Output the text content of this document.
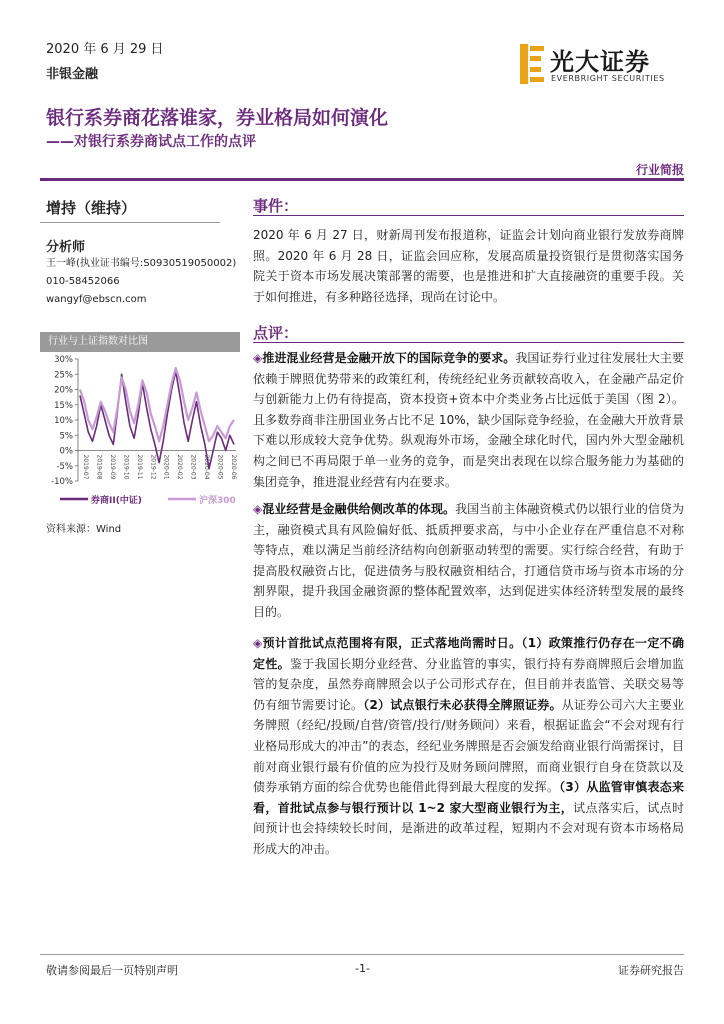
2020 年 6 月 29 日
非银金融	光大证券
EVERBRIGHT SECURITIES
银行系券商花落谁家，券业格局如何演化
——对银行系券商试点工作的点评
行业简报
增持（维持）
分析师
王一峰(执业证书编号:S0930519050002)
010-58452066
wangyf@ebscn.com
行业与上证指数对比图
30%
25%
20%
15%
10%
5%
0%
-5%
-10%
2019-07 2019-08 2019-09 2019-10 2019-11 2019-12 2020-01 2020-02 2020-03 2020-04 2020-05 2020-06
券商II(中证)	沪深300
资料来源：Wind
事件：
2020 年 6 月 27 日，财新周刊发布报道称，证监会计划向商业银行发放券商牌照。2020 年 6 月 28 日，证监会回应称，发展高质量投资银行是贯彻落实国务院关于资本市场发展决策部署的需要，也是推进和扩大直接融资的重要手段。关于如何推进，有多种路径选择，现尚在讨论中。
点评：
◈推进混业经营是金融开放下的国际竞争的要求。我国证券行业过往发展壮大主要依赖于牌照优势带来的政策红利，传统经纪业务贡献较高收入，在金融产品定价与创新能力上仍有待提高，资本投资+资本中介类业务占比远低于美国（图 2）。且多数券商非注册国业务占比不足 10%，缺少国际竞争经验，在金融大开放背景下难以形成较大竞争优势。纵观海外市场，金融全球化时代，国内外大型金融机构之间已不再局限于单一业务的竞争，而是突出表现在以综合服务能力为基础的集团竞争，推进混业经营有内在要求。
◈混业经营是金融供给侧改革的体现。我国当前主体融资模式仍以银行业的信贷为主，融资模式具有风险偏好低、抵质押要求高，与中小企业存在严重信息不对称等特点，难以满足当前经济结构向创新驱动转型的需要。实行综合经营，有助于提高股权融资占比，促进债务与股权融资相结合，打通信贷市场与资本市场的分割界限，提升我国金融资源的整体配置效率，达到促进实体经济转型发展的最终目的。
◈预计首批试点范围将有限，正式落地尚需时日。（1）政策推行仍存在一定不确定性。鉴于我国长期分业经营、分业监管的事实，银行持有券商牌照后会增加监管的复杂度，虽然券商牌照会以子公司形式存在，但目前并表监管、关联交易等仍有细节需要讨论。（2）试点银行未必获得全牌照证券。从证券公司六大主要业务牌照（经纪/投顾/自营/资管/投行/财务顾问）来看，根据证监会“不会对现有行业格局形成大的冲击”的表态，经纪业务牌照是否会颁发给商业银行尚需探讨，目前对商业银行最有价值的应为投行及财务顾问牌照，而商业银行自身在贷款以及债券承销方面的综合优势也能借此得到最大程度的发挥。（3）从监管审慎表态来看，首批试点参与银行预计以 1~2 家大型商业银行为主，试点落实后，试点时间预计也会持续较长时间，是渐进的政革过程，短期内不会对现有资本市场格局形成大的冲击。
敬请参阅最后一页特别声明	-1-	证券研究报告
